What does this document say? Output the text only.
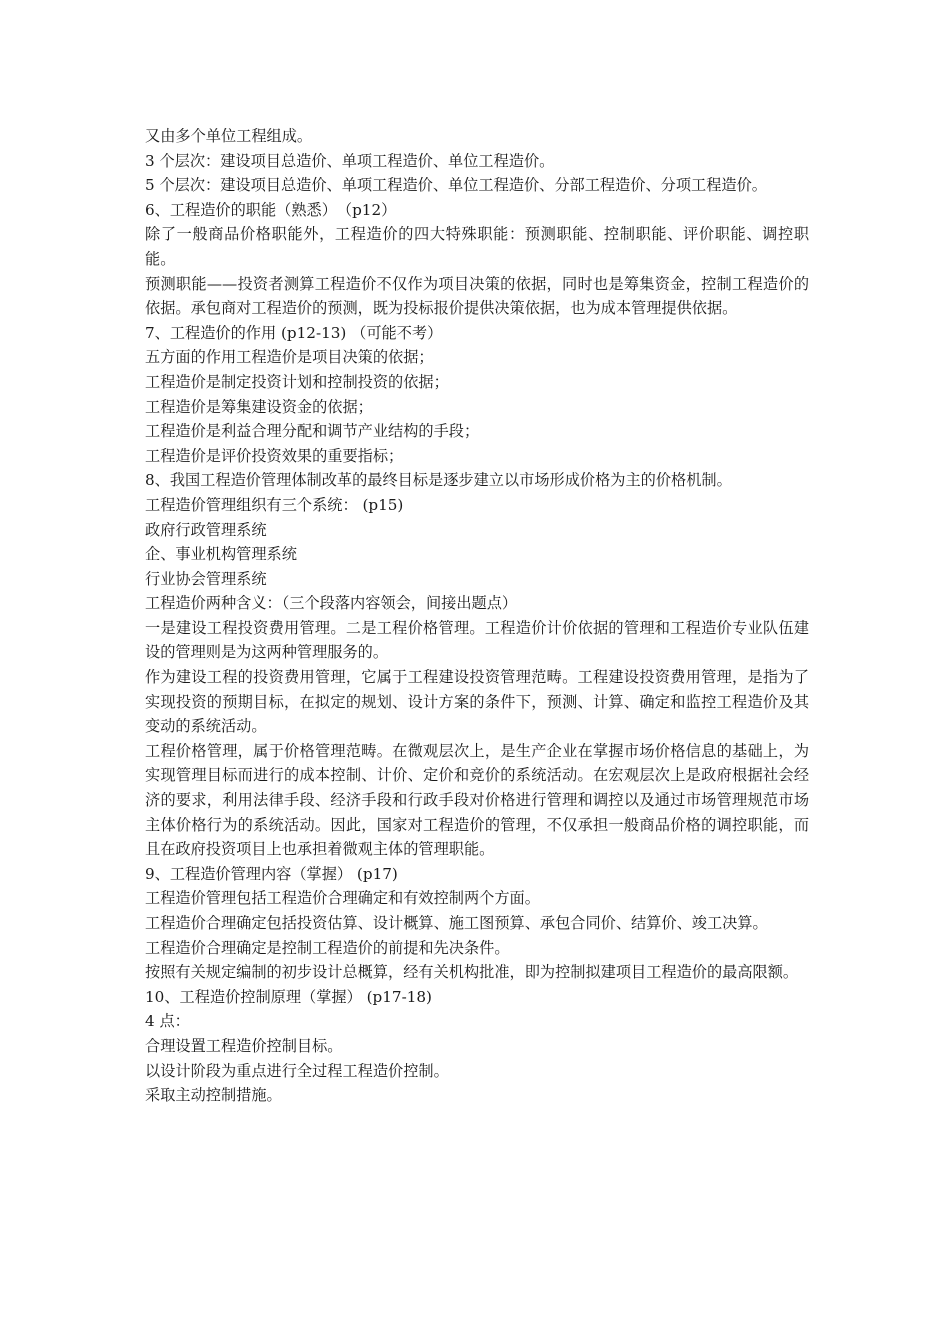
又由多个单位工程组成。

3 个层次：建设项目总造价、单项工程造价、单位工程造价。

5 个层次：建设项目总造价、单项工程造价、单位工程造价、分部工程造价、分项工程造价。

6、工程造价的职能（熟悉）　（p12）

除了一般商品价格职能外，工程造价的四大特殊职能：预测职能、控制职能、评价职能、调控职能。

预测职能——投资者测算工程造价不仅作为项目决策的依据，同时也是筹集资金，控制工程造价的依据。承包商对工程造价的预测，既为投标报价提供决策依据，也为成本管理提供依据。

7、工程造价的作用 (p12-13) （可能不考）

五方面的作用工程造价是项目决策的依据；

工程造价是制定投资计划和控制投资的依据；

工程造价是筹集建设资金的依据；

工程造价是利益合理分配和调节产业结构的手段；

工程造价是评价投资效果的重要指标；

8、我国工程造价管理体制改革的最终目标是逐步建立以市场形成价格为主的价格机制。

工程造价管理组织有三个系统： (p15)

政府行政管理系统

企、事业机构管理系统

行业协会管理系统

工程造价两种含义：（三个段落内容领会，间接出题点）

一是建设工程投资费用管理。二是工程价格管理。工程造价计价依据的管理和工程造价专业队伍建设的管理则是为这两种管理服务的。

作为建设工程的投资费用管理，它属于工程建设投资管理范畴。工程建设投资费用管理，是指为了实现投资的预期目标，在拟定的规划、设计方案的条件下，预测、计算、确定和监控工程造价及其变动的系统活动。

工程价格管理，属于价格管理范畴。在微观层次上，是生产企业在掌握市场价格信息的基础上，为实现管理目标而进行的成本控制、计价、定价和竞价的系统活动。在宏观层次上是政府根据社会经济的要求，利用法律手段、经济手段和行政手段对价格进行管理和调控以及通过市场管理规范市场主体价格行为的系统活动。因此，国家对工程造价的管理，不仅承担一般商品价格的调控职能，而且在政府投资项目上也承担着微观主体的管理职能。

9、工程造价管理内容（掌握） (p17)

工程造价管理包括工程造价合理确定和有效控制两个方面。

工程造价合理确定包括投资估算、设计概算、施工图预算、承包合同价、结算价、竣工决算。

工程造价合理确定是控制工程造价的前提和先决条件。

按照有关规定编制的初步设计总概算，经有关机构批准，即为控制拟建项目工程造价的最高限额。

10、工程造价控制原理（掌握） (p17-18)

4 点：

合理设置工程造价控制目标。

以设计阶段为重点进行全过程工程造价控制。

采取主动控制措施。
